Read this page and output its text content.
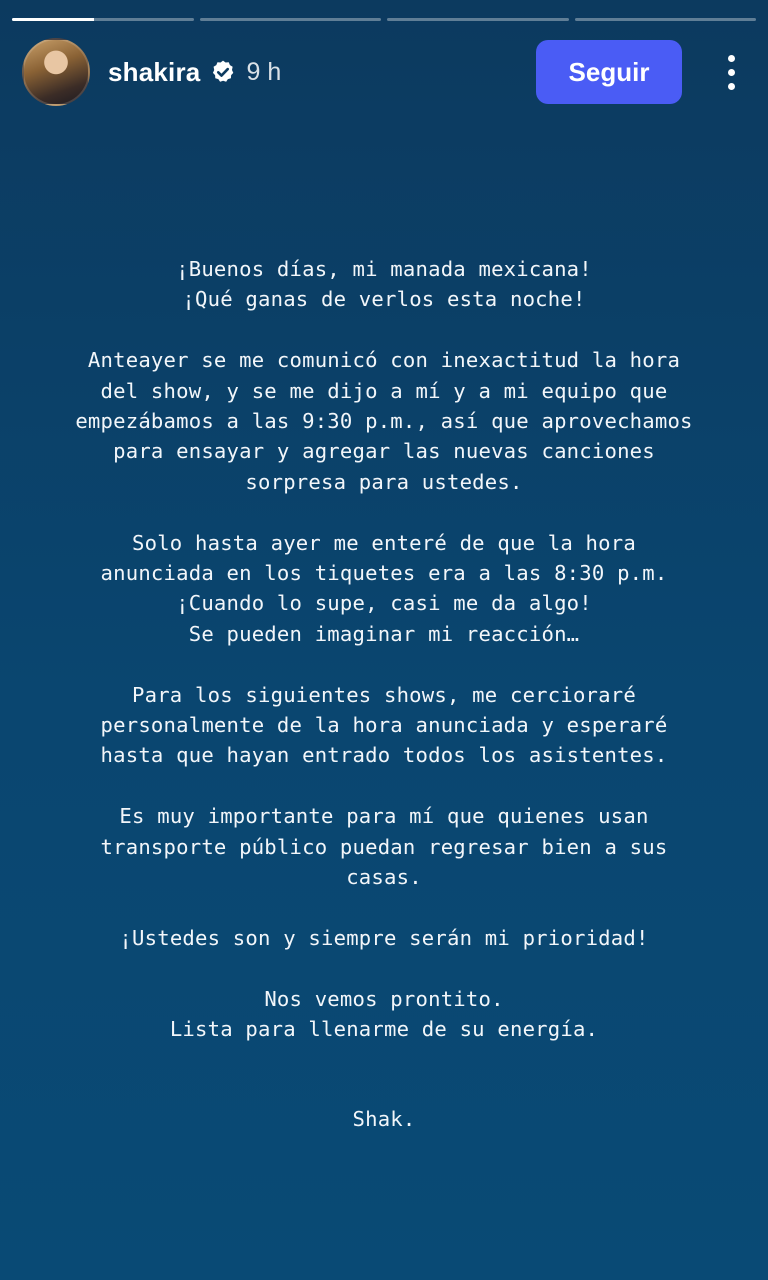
shakira 9 h	Seguir

¡Buenos días, mi manada mexicana!
¡Qué ganas de verlos esta noche!

Anteayer se me comunicó con inexactitud la hora
del show, y se me dijo a mí y a mi equipo que
empezábamos a las 9:30 p.m., así que aprovechamos
para ensayar y agregar las nuevas canciones
sorpresa para ustedes.

Solo hasta ayer me enteré de que la hora
anunciada en los tiquetes era a las 8:30 p.m.
¡Cuando lo supe, casi me da algo!
Se pueden imaginar mi reacción…

Para los siguientes shows, me cercioraré
personalmente de la hora anunciada y esperaré
hasta que hayan entrado todos los asistentes.

Es muy importante para mí que quienes usan
transporte público puedan regresar bien a sus
casas.

¡Ustedes son y siempre serán mi prioridad!

Nos vemos prontito.
Lista para llenarme de su energía.

Shak.
